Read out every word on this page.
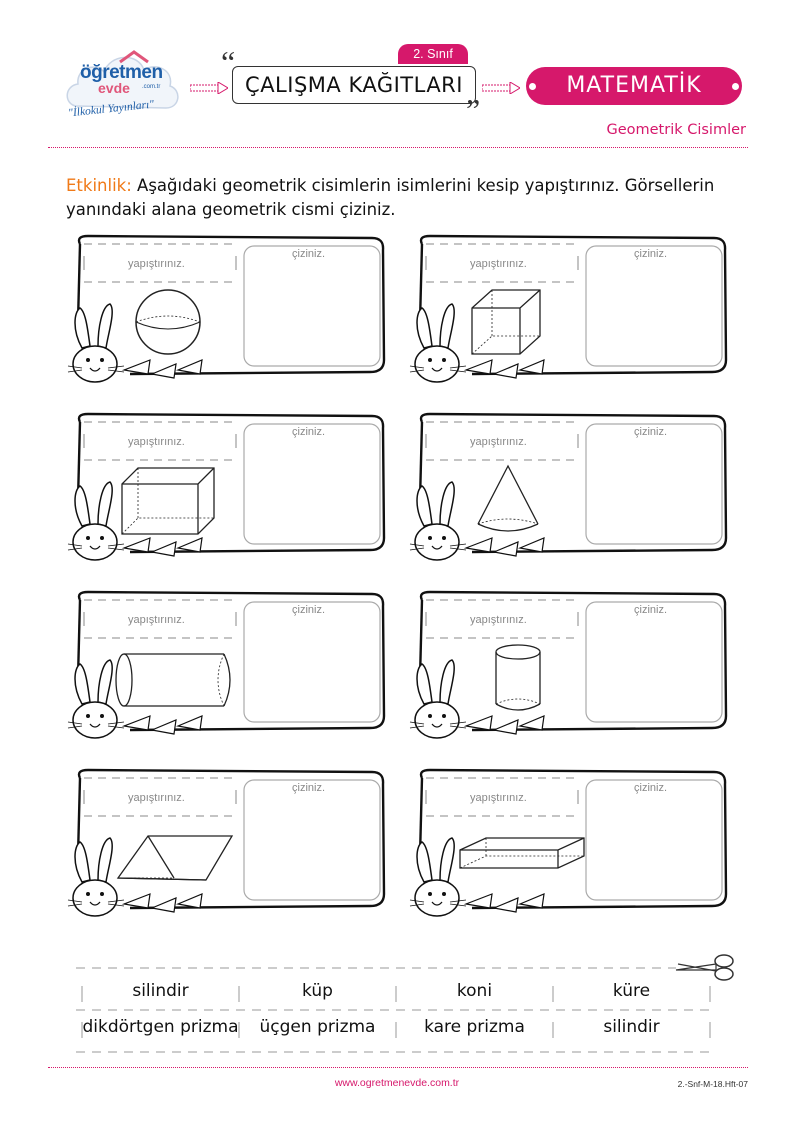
öğretmen
evde .com.tr
"İlkokul Yayınları"
2. Sınıf
“
ÇALIŞMA KAĞITLARI
”
MATEMATİK
Geometrik Cisimler
Etkinlik: Aşağıdaki geometrik cisimlerin isimlerini kesip yapıştırınız. Görsellerin yanındaki alana geometrik cismi çiziniz.
yapıştırınız.
çiziniz.
yapıştırınız.
çiziniz.
yapıştırınız.
çiziniz.
yapıştırınız.
çiziniz.
yapıştırınız.
çiziniz.
yapıştırınız.
çiziniz.
yapıştırınız.
çiziniz.
yapıştırınız.
çiziniz.
silindir	küp	koni	küre
dikdörtgen prizma	üçgen prizma	kare prizma	silindir
www.ogretmenevde.com.tr	2.-Snf-M-18.Hft-07
